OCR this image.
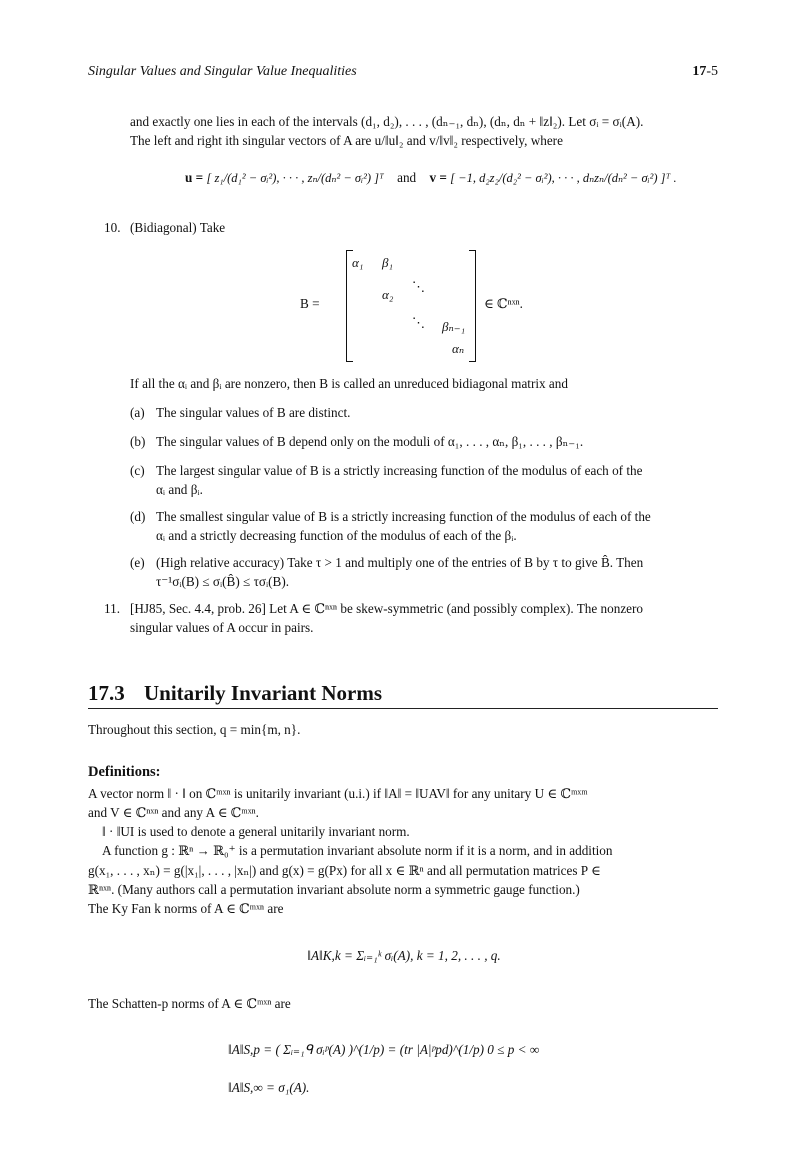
Singular Values and Singular Value Inequalities	17-5

and exactly one lies in each of the intervals (d₁, d₂), . . . , (dₙ₋₁, dₙ), (dₙ, dₙ + ‖z‖₂). Let σᵢ = σᵢ(A).

The left and right ith singular vectors of A are u/‖u‖₂ and v/‖v‖₂ respectively, where

u = [ z₁/(d₁² − σᵢ²), · · · , zₙ/(dₙ² − σᵢ²) ]ᵀ and v = [ −1, d₂z₂/(d₂² − σᵢ²), · · · , dₙzₙ/(dₙ² − σᵢ²) ]ᵀ .
10. (Bidiagonal) Take
B =
α₁ β₁
α₂
⋱
⋱ βₙ₋₁
αₙ
∈ ℂⁿˣⁿ.
If all the αᵢ and βᵢ are nonzero, then B is called an unreduced bidiagonal matrix and
(a) The singular values of B are distinct.
(b) The singular values of B depend only on the moduli of α₁, . . . , αₙ, β₁, . . . , βₙ₋₁.
(c) The largest singular value of B is a strictly increasing function of the modulus of each of the
αᵢ and βᵢ.
(d) The smallest singular value of B is a strictly increasing function of the modulus of each of the
αᵢ and a strictly decreasing function of the modulus of each of the βᵢ.
(e) (High relative accuracy) Take τ > 1 and multiply one of the entries of B by τ to give B̂. Then
τ⁻¹σᵢ(B) ≤ σᵢ(B̂) ≤ τσᵢ(B).
11. [HJ85, Sec. 4.4, prob. 26] Let A ∈ ℂⁿˣⁿ be skew-symmetric (and possibly complex). The nonzero
singular values of A occur in pairs.
17.3 Unitarily Invariant Norms
Throughout this section, q = min{m, n}.
Definitions:

A vector norm ‖ · ‖ on ℂᵐˣⁿ is unitarily invariant (u.i.) if ‖A‖ = ‖UAV‖ for any unitary U ∈ ℂᵐˣᵐ

and V ∈ ℂⁿˣⁿ and any A ∈ ℂᵐˣⁿ.

‖ · ‖UI is used to denote a general unitarily invariant norm.

A function g : ℝⁿ → ℝ₀⁺ is a permutation invariant absolute norm if it is a norm, and in addition

g(x₁, . . . , xₙ) = g(|x₁|, . . . , |xₙ|) and g(x) = g(Px) for all x ∈ ℝⁿ and all permutation matrices P ∈

ℝⁿˣⁿ. (Many authors call a permutation invariant absolute norm a symmetric gauge function.)

The Ky Fan k norms of A ∈ ℂᵐˣⁿ are

‖A‖K,k = Σᵢ₌₁ᵏ σᵢ(A), k = 1, 2, . . . , q.
The Schatten-p norms of A ∈ ℂᵐˣⁿ are
‖A‖S,p = ( Σᵢ₌₁ᑫ σᵢᵖ(A) )^(1/p) = (tr |A|ᵖpd)^(1/p) 0 ≤ p < ∞
‖A‖S,∞ = σ₁(A).
